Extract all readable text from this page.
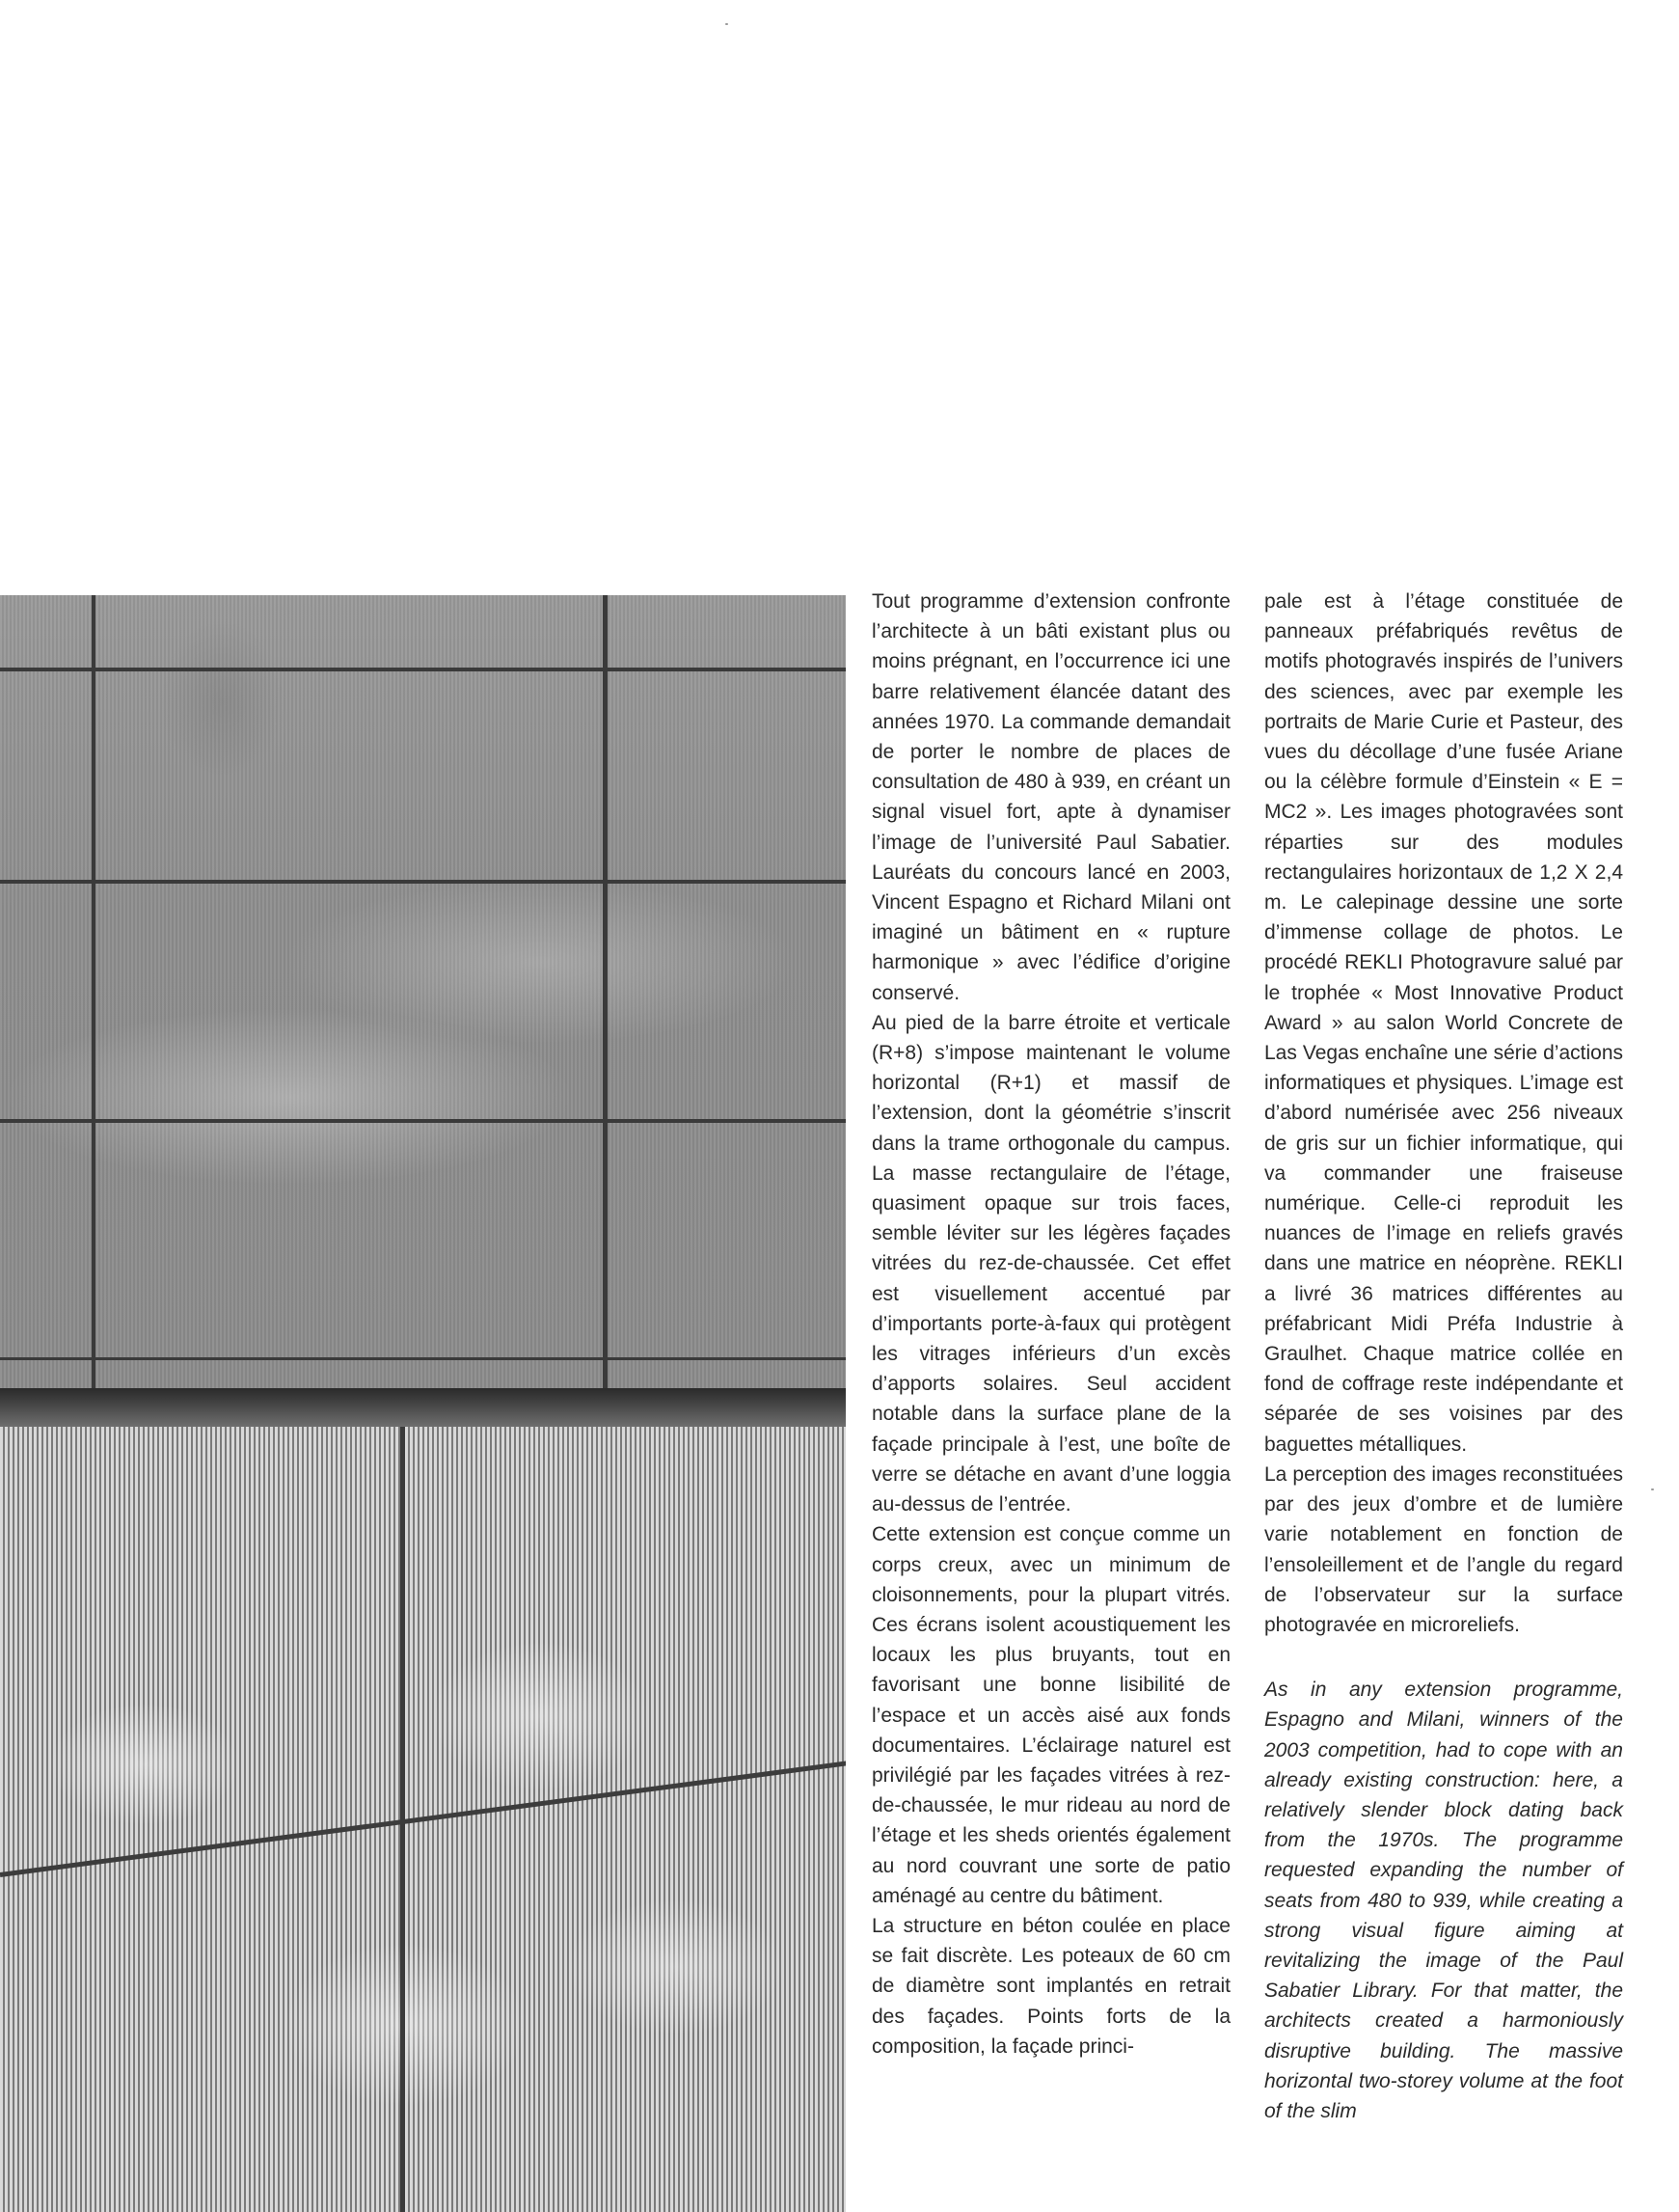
Tout programme d’extension confronte l’architecte à un bâti existant plus ou moins prégnant, en l’occurrence ici une barre relativement élancée datant des années 1970. La commande demandait de porter le nombre de places de consultation de 480 à 939, en créant un signal visuel fort, apte à dynamiser l’image de l’université Paul Sabatier. Lauréats du concours lancé en 2003, Vincent Espagno et Richard Milani ont imaginé un bâtiment en « rupture harmonique » avec l’édifice d’origine conservé.

Au pied de la barre étroite et verticale (R+8) s’impose maintenant le volume horizontal (R+1) et massif de l’extension, dont la géométrie s’inscrit dans la trame orthogonale du campus. La masse rectangulaire de l’étage, quasiment opaque sur trois faces, semble léviter sur les légères façades vitrées du rez-de-chaussée. Cet effet est visuellement accentué par d’importants porte-à-faux qui protègent les vitrages inférieurs d’un excès d’apports solaires. Seul accident notable dans la surface plane de la façade principale à l’est, une boîte de verre se détache en avant d’une loggia au-dessus de l’entrée.

Cette extension est conçue comme un corps creux, avec un minimum de cloisonnements, pour la plupart vitrés. Ces écrans isolent acoustiquement les locaux les plus bruyants, tout en favorisant une bonne lisibilité de l’espace et un accès aisé aux fonds documentaires. L’éclairage naturel est privilégié par les façades vitrées à rez-de-chaussée, le mur rideau au nord de l’étage et les sheds orientés également au nord couvrant une sorte de patio aménagé au centre du bâtiment.

La structure en béton coulée en place se fait discrète. Les poteaux de 60 cm de diamètre sont implantés en retrait des façades. Points forts de la composition, la façade princi-

pale est à l’étage constituée de panneaux préfabriqués revêtus de motifs photogravés inspirés de l’univers des sciences, avec par exemple les portraits de Marie Curie et Pasteur, des vues du décollage d’une fusée Ariane ou la célèbre formule d’Einstein « E = MC2 ». Les images photogravées sont réparties sur des modules rectangulaires horizontaux de 1,2 X 2,4 m. Le calepinage dessine une sorte d’immense collage de photos. Le procédé REKLI Photogravure salué par le trophée « Most Innovative Product Award » au salon World Concrete de Las Vegas enchaîne une série d’actions informatiques et physiques. L’image est d’abord numérisée avec 256 niveaux de gris sur un fichier informatique, qui va commander une fraiseuse numérique. Celle-ci reproduit les nuances de l’image en reliefs gravés dans une matrice en néoprène. REKLI a livré 36 matrices différentes au préfabricant Midi Préfa Industrie à Graulhet. Chaque matrice collée en fond de coffrage reste indépendante et séparée de ses voisines par des baguettes métalliques.

La perception des images reconstituées par des jeux d’ombre et de lumière varie notablement en fonction de l’ensoleillement et de l’angle du regard de l’observateur sur la surface photogravée en microreliefs.

As in any extension programme, Espagno and Milani, winners of the 2003 competition, had to cope with an already existing construction: here, a relatively slender block dating back from the 1970s. The programme requested expanding the number of seats from 480 to 939, while creating a strong visual figure aiming at revitalizing the image of the Paul Sabatier Library. For that matter, the architects created a harmoniously disruptive building. The massive horizontal two-storey volume at the foot of the slim
